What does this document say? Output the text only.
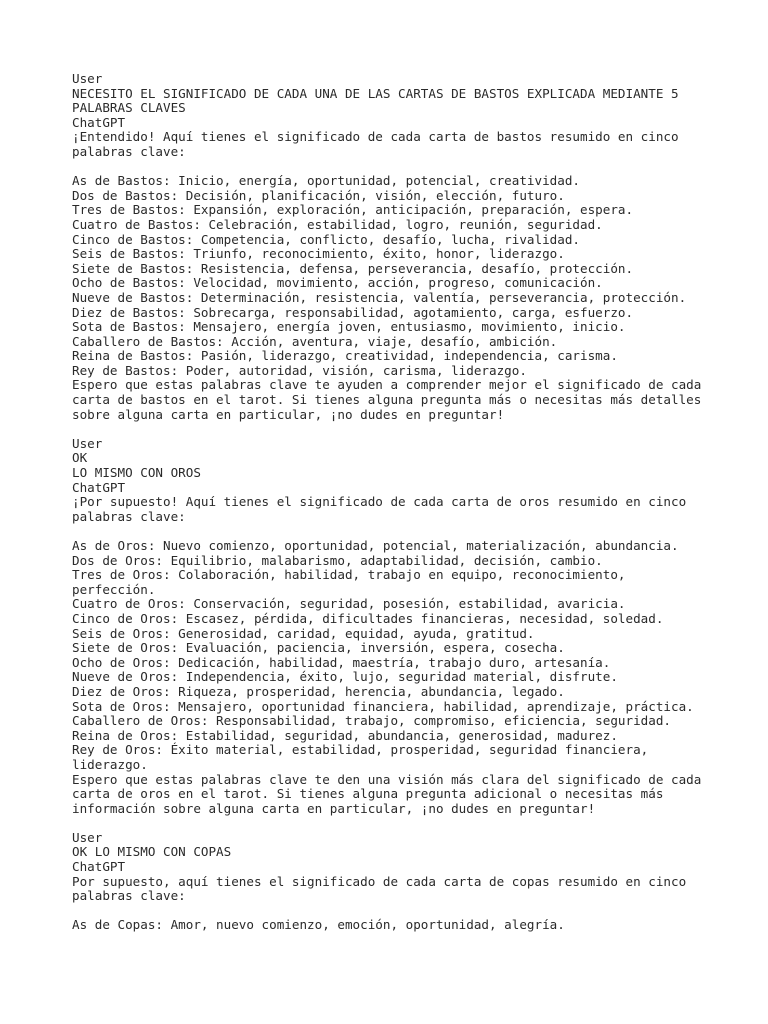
User
NECESITO EL SIGNIFICADO DE CADA UNA DE LAS CARTAS DE BASTOS EXPLICADA MEDIANTE 5
PALABRAS CLAVES
ChatGPT
¡Entendido! Aquí tienes el significado de cada carta de bastos resumido en cinco
palabras clave:
As de Bastos: Inicio, energía, oportunidad, potencial, creatividad.
Dos de Bastos: Decisión, planificación, visión, elección, futuro.
Tres de Bastos: Expansión, exploración, anticipación, preparación, espera.
Cuatro de Bastos: Celebración, estabilidad, logro, reunión, seguridad.
Cinco de Bastos: Competencia, conflicto, desafío, lucha, rivalidad.
Seis de Bastos: Triunfo, reconocimiento, éxito, honor, liderazgo.
Siete de Bastos: Resistencia, defensa, perseverancia, desafío, protección.
Ocho de Bastos: Velocidad, movimiento, acción, progreso, comunicación.
Nueve de Bastos: Determinación, resistencia, valentía, perseverancia, protección.
Diez de Bastos: Sobrecarga, responsabilidad, agotamiento, carga, esfuerzo.
Sota de Bastos: Mensajero, energía joven, entusiasmo, movimiento, inicio.
Caballero de Bastos: Acción, aventura, viaje, desafío, ambición.
Reina de Bastos: Pasión, liderazgo, creatividad, independencia, carisma.
Rey de Bastos: Poder, autoridad, visión, carisma, liderazgo.
Espero que estas palabras clave te ayuden a comprender mejor el significado de cada
carta de bastos en el tarot. Si tienes alguna pregunta más o necesitas más detalles
sobre alguna carta en particular, ¡no dudes en preguntar!
User
OK
LO MISMO CON OROS
ChatGPT
¡Por supuesto! Aquí tienes el significado de cada carta de oros resumido en cinco
palabras clave:
As de Oros: Nuevo comienzo, oportunidad, potencial, materialización, abundancia.
Dos de Oros: Equilibrio, malabarismo, adaptabilidad, decisión, cambio.
Tres de Oros: Colaboración, habilidad, trabajo en equipo, reconocimiento,
perfección.
Cuatro de Oros: Conservación, seguridad, posesión, estabilidad, avaricia.
Cinco de Oros: Escasez, pérdida, dificultades financieras, necesidad, soledad.
Seis de Oros: Generosidad, caridad, equidad, ayuda, gratitud.
Siete de Oros: Evaluación, paciencia, inversión, espera, cosecha.
Ocho de Oros: Dedicación, habilidad, maestría, trabajo duro, artesanía.
Nueve de Oros: Independencia, éxito, lujo, seguridad material, disfrute.
Diez de Oros: Riqueza, prosperidad, herencia, abundancia, legado.
Sota de Oros: Mensajero, oportunidad financiera, habilidad, aprendizaje, práctica.
Caballero de Oros: Responsabilidad, trabajo, compromiso, eficiencia, seguridad.
Reina de Oros: Estabilidad, seguridad, abundancia, generosidad, madurez.
Rey de Oros: Éxito material, estabilidad, prosperidad, seguridad financiera,
liderazgo.
Espero que estas palabras clave te den una visión más clara del significado de cada
carta de oros en el tarot. Si tienes alguna pregunta adicional o necesitas más
información sobre alguna carta en particular, ¡no dudes en preguntar!
User
OK LO MISMO CON COPAS
ChatGPT
Por supuesto, aquí tienes el significado de cada carta de copas resumido en cinco
palabras clave:
As de Copas: Amor, nuevo comienzo, emoción, oportunidad, alegría.
